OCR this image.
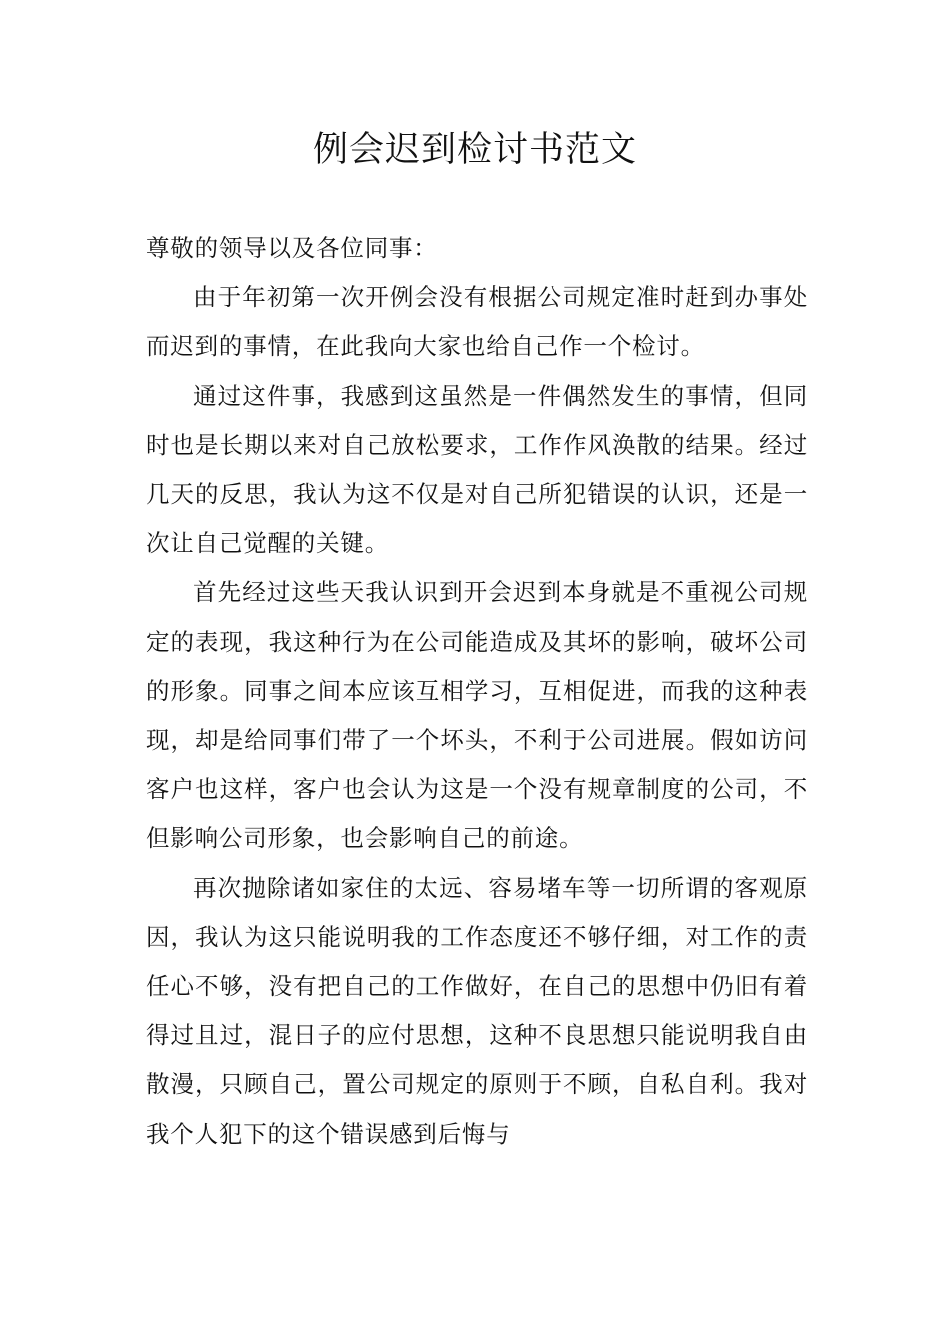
例会迟到检讨书范文

尊敬的领导以及各位同事：

由于年初第一次开例会没有根据公司规定准时赶到办事处而迟到的事情，在此我向大家也给自己作一个检讨。

通过这件事，我感到这虽然是一件偶然发生的事情，但同时也是长期以来对自己放松要求，工作作风涣散的结果。经过几天的反思，我认为这不仅是对自己所犯错误的认识，还是一次让自己觉醒的关键。

首先经过这些天我认识到开会迟到本身就是不重视公司规定的表现，我这种行为在公司能造成及其坏的影响，破坏公司的形象。同事之间本应该互相学习，互相促进，而我的这种表现，却是给同事们带了一个坏头，不利于公司进展。假如访问客户也这样，客户也会认为这是一个没有规章制度的公司，不但影响公司形象，也会影响自己的前途。

再次抛除诸如家住的太远、容易堵车等一切所谓的客观原因，我认为这只能说明我的工作态度还不够仔细，对工作的责任心不够，没有把自己的工作做好，在自己的思想中仍旧有着得过且过，混日子的应付思想，这种不良思想只能说明我自由散漫，只顾自己，置公司规定的原则于不顾，自私自利。我对我个人犯下的这个错误感到后悔与
